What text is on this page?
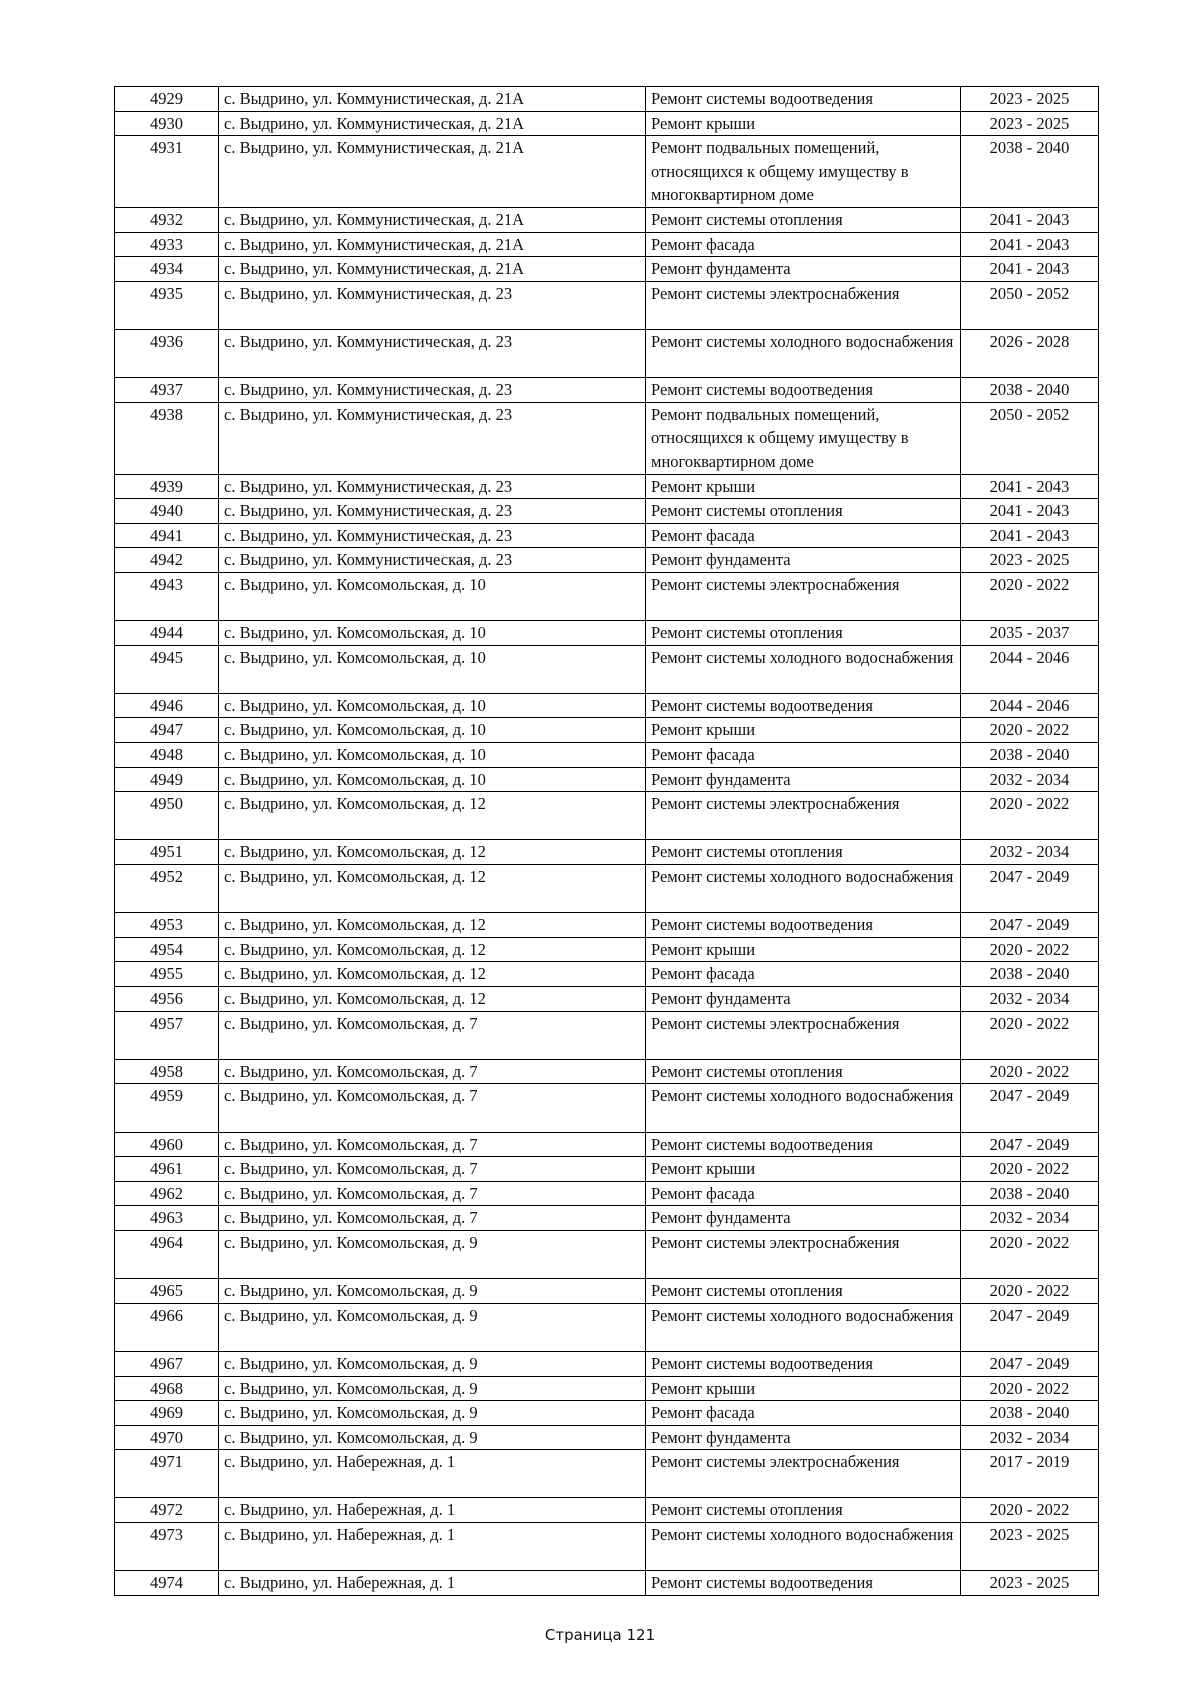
4929	с. Выдрино, ул. Коммунистическая, д. 21А	Ремонт системы водоотведения	2023 - 2025
4930	с. Выдрино, ул. Коммунистическая, д. 21А	Ремонт крыши	2023 - 2025
4931	с. Выдрино, ул. Коммунистическая, д. 21А	Ремонт подвальных помещений, относящихся к общему имуществу в многоквартирном доме	2038 - 2040
4932	с. Выдрино, ул. Коммунистическая, д. 21А	Ремонт системы отопления	2041 - 2043
4933	с. Выдрино, ул. Коммунистическая, д. 21А	Ремонт фасада	2041 - 2043
4934	с. Выдрино, ул. Коммунистическая, д. 21А	Ремонт фундамента	2041 - 2043
4935	с. Выдрино, ул. Коммунистическая, д. 23	Ремонт системы электроснабжения	2050 - 2052
4936	с. Выдрино, ул. Коммунистическая, д. 23	Ремонт системы холодного водоснабжения	2026 - 2028
4937	с. Выдрино, ул. Коммунистическая, д. 23	Ремонт системы водоотведения	2038 - 2040
4938	с. Выдрино, ул. Коммунистическая, д. 23	Ремонт подвальных помещений, относящихся к общему имуществу в многоквартирном доме	2050 - 2052
4939	с. Выдрино, ул. Коммунистическая, д. 23	Ремонт крыши	2041 - 2043
4940	с. Выдрино, ул. Коммунистическая, д. 23	Ремонт системы отопления	2041 - 2043
4941	с. Выдрино, ул. Коммунистическая, д. 23	Ремонт фасада	2041 - 2043
4942	с. Выдрино, ул. Коммунистическая, д. 23	Ремонт фундамента	2023 - 2025
4943	с. Выдрино, ул. Комсомольская, д. 10	Ремонт системы электроснабжения	2020 - 2022
4944	с. Выдрино, ул. Комсомольская, д. 10	Ремонт системы отопления	2035 - 2037
4945	с. Выдрино, ул. Комсомольская, д. 10	Ремонт системы холодного водоснабжения	2044 - 2046
4946	с. Выдрино, ул. Комсомольская, д. 10	Ремонт системы водоотведения	2044 - 2046
4947	с. Выдрино, ул. Комсомольская, д. 10	Ремонт крыши	2020 - 2022
4948	с. Выдрино, ул. Комсомольская, д. 10	Ремонт фасада	2038 - 2040
4949	с. Выдрино, ул. Комсомольская, д. 10	Ремонт фундамента	2032 - 2034
4950	с. Выдрино, ул. Комсомольская, д. 12	Ремонт системы электроснабжения	2020 - 2022
4951	с. Выдрино, ул. Комсомольская, д. 12	Ремонт системы отопления	2032 - 2034
4952	с. Выдрино, ул. Комсомольская, д. 12	Ремонт системы холодного водоснабжения	2047 - 2049
4953	с. Выдрино, ул. Комсомольская, д. 12	Ремонт системы водоотведения	2047 - 2049
4954	с. Выдрино, ул. Комсомольская, д. 12	Ремонт крыши	2020 - 2022
4955	с. Выдрино, ул. Комсомольская, д. 12	Ремонт фасада	2038 - 2040
4956	с. Выдрино, ул. Комсомольская, д. 12	Ремонт фундамента	2032 - 2034
4957	с. Выдрино, ул. Комсомольская, д. 7	Ремонт системы электроснабжения	2020 - 2022
4958	с. Выдрино, ул. Комсомольская, д. 7	Ремонт системы отопления	2020 - 2022
4959	с. Выдрино, ул. Комсомольская, д. 7	Ремонт системы холодного водоснабжения	2047 - 2049
4960	с. Выдрино, ул. Комсомольская, д. 7	Ремонт системы водоотведения	2047 - 2049
4961	с. Выдрино, ул. Комсомольская, д. 7	Ремонт крыши	2020 - 2022
4962	с. Выдрино, ул. Комсомольская, д. 7	Ремонт фасада	2038 - 2040
4963	с. Выдрино, ул. Комсомольская, д. 7	Ремонт фундамента	2032 - 2034
4964	с. Выдрино, ул. Комсомольская, д. 9	Ремонт системы электроснабжения	2020 - 2022
4965	с. Выдрино, ул. Комсомольская, д. 9	Ремонт системы отопления	2020 - 2022
4966	с. Выдрино, ул. Комсомольская, д. 9	Ремонт системы холодного водоснабжения	2047 - 2049
4967	с. Выдрино, ул. Комсомольская, д. 9	Ремонт системы водоотведения	2047 - 2049
4968	с. Выдрино, ул. Комсомольская, д. 9	Ремонт крыши	2020 - 2022
4969	с. Выдрино, ул. Комсомольская, д. 9	Ремонт фасада	2038 - 2040
4970	с. Выдрино, ул. Комсомольская, д. 9	Ремонт фундамента	2032 - 2034
4971	с. Выдрино, ул. Набережная, д. 1	Ремонт системы электроснабжения	2017 - 2019
4972	с. Выдрино, ул. Набережная, д. 1	Ремонт системы отопления	2020 - 2022
4973	с. Выдрино, ул. Набережная, д. 1	Ремонт системы холодного водоснабжения	2023 - 2025
4974	с. Выдрино, ул. Набережная, д. 1	Ремонт системы водоотведения	2023 - 2025
Страница 121
